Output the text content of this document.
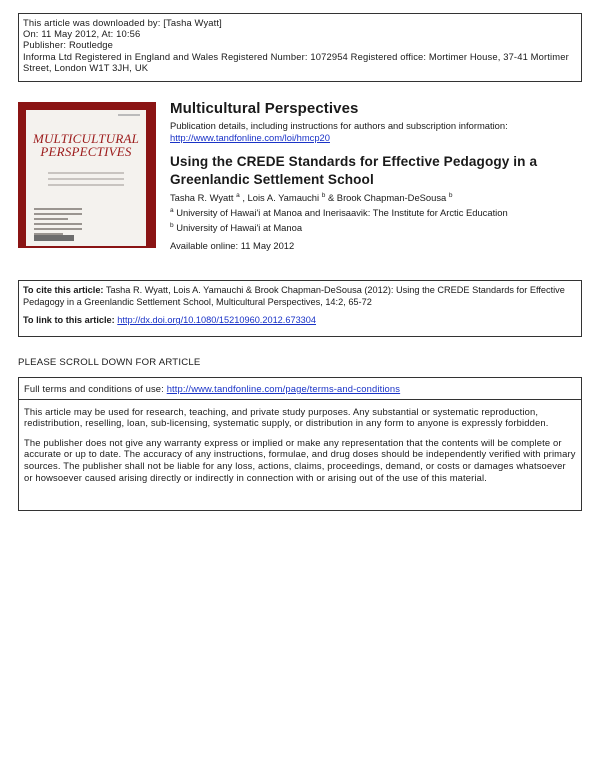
This article was downloaded by: [Tasha Wyatt]
On: 11 May 2012, At: 10:56
Publisher: Routledge
Informa Ltd Registered in England and Wales Registered Number: 1072954 Registered office: Mortimer House, 37-41 Mortimer Street, London W1T 3JH, UK
MULTICULTURAL
PERSPECTIVES
Multicultural Perspectives
Publication details, including instructions for authors and subscription information:
http://www.tandfonline.com/loi/hmcp20
Using the CREDE Standards for Effective Pedagogy in a Greenlandic Settlement School
Tasha R. Wyatt $^a$ , Lois A. Yamauchi $^b$ & Brook Chapman-DeSousa $^b$
$^a$ University of Hawai'i at Manoa and Inerisaavik: The Institute for Arctic Education
$^b$ University of Hawai'i at Manoa
Available online: 11 May 2012
To cite this article: Tasha R. Wyatt, Lois A. Yamauchi & Brook Chapman-DeSousa (2012): Using the CREDE Standards for Effective Pedagogy in a Greenlandic Settlement School, Multicultural Perspectives, 14:2, 65-72
To link to this article: http://dx.doi.org/10.1080/15210960.2012.673304
PLEASE SCROLL DOWN FOR ARTICLE

Full terms and conditions of use: http://www.tandfonline.com/page/terms-and-conditions

This article may be used for research, teaching, and private study purposes. Any substantial or systematic reproduction, redistribution, reselling, loan, sub-licensing, systematic supply, or distribution in any form to anyone is expressly forbidden.

The publisher does not give any warranty express or implied or make any representation that the contents will be complete or accurate or up to date. The accuracy of any instructions, formulae, and drug doses should be independently verified with primary sources. The publisher shall not be liable for any loss, actions, claims, proceedings, demand, or costs or damages whatsoever or howsoever caused arising directly or indirectly in connection with or arising out of the use of this material.
